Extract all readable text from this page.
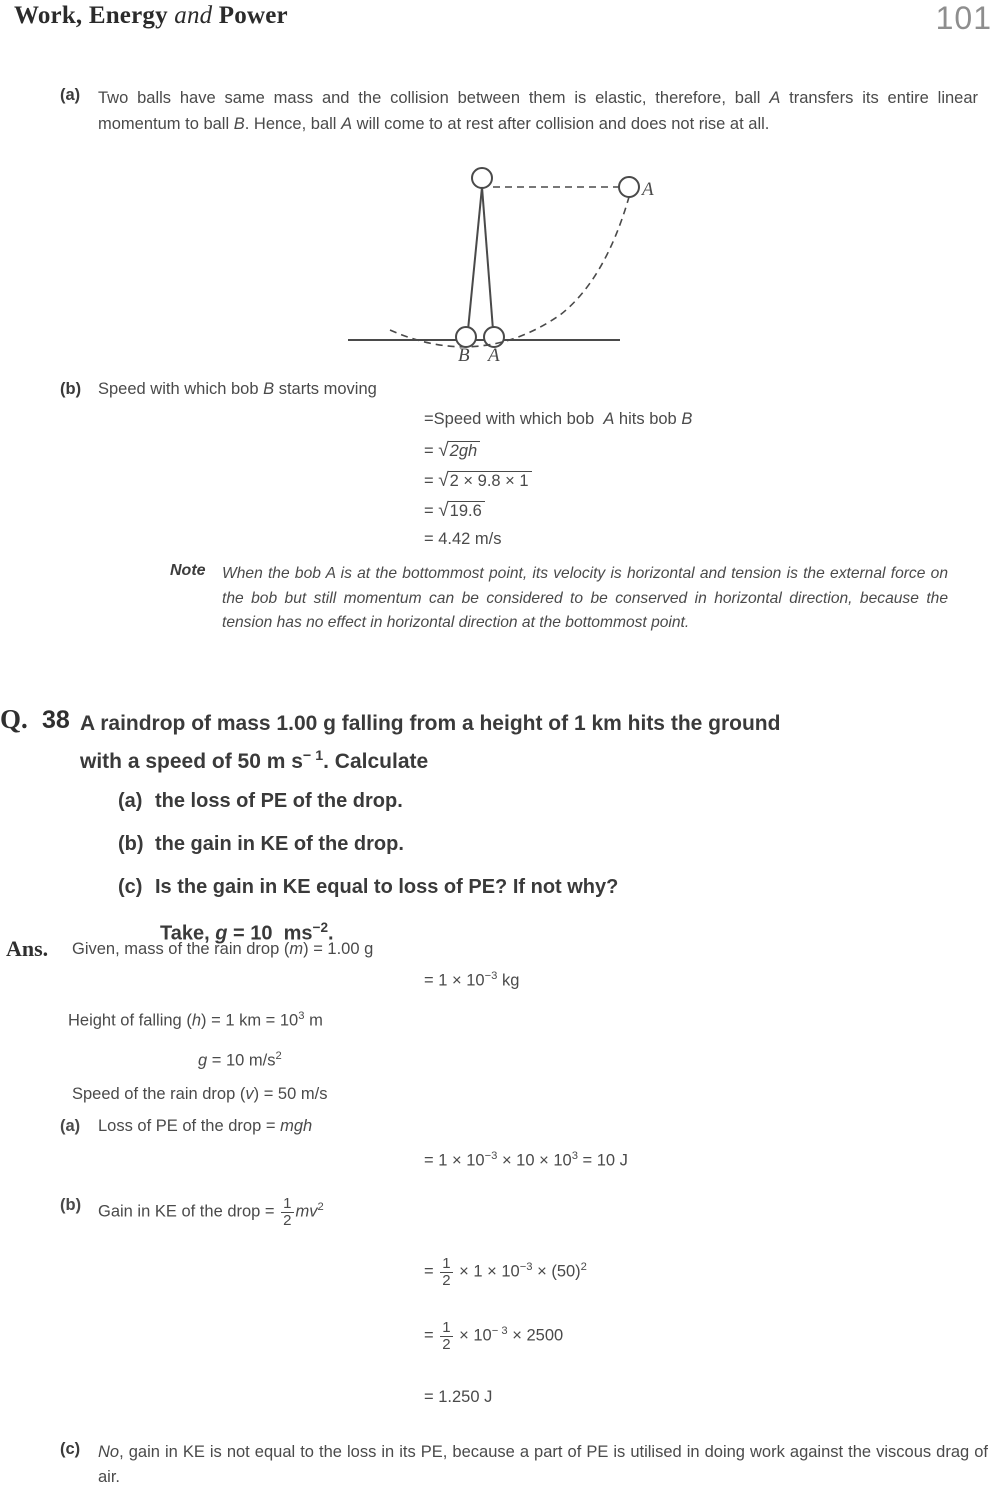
Work, Energy and Power	101
(a) Two balls have same mass and the collision between them is elastic, therefore, ball A transfers its entire linear momentum to ball B. Hence, ball A will come to at rest after collision and does not rise at all.
A
B A
(b) Speed with which bob B starts moving
=Speed with which bob  A hits bob B
= √2gh
= √2 × 9.8 × 1
= √19.6
= 4.42 m/s
Note When the bob A is at the bottommost point, its velocity is horizontal and tension is the external force on the bob but still momentum can be considered to be conserved in horizontal direction, because the tension has no effect in horizontal direction at the bottommost point.
Q. 38 A raindrop of mass 1.00 g falling from a height of 1 km hits the ground
with a speed of 50 m $s^{- 1}$. Calculate
(a) the loss of PE of the drop.
(b) the gain in KE of the drop.
(c) Is the gain in KE equal to loss of PE? If not why?
Take, g = 10  $ms^{-2}$.
Ans. Given, mass of the rain drop (m) = 1.00 g
= $1 \times 10^{-3}$ kg
Height of falling (h) = 1 km = $10^3$ m
g = 10 $m/s^2$
Speed of the rain drop (v) = 50 m/s
(a) Loss of PE of the drop = mgh
= $1 \times 10^{-3} \times 10 \times 10^3 = 10$ J
(b) Gain in KE of the drop = $\frac{1}{2} mv^2$
= $\frac{1}{2} \times 1 \times 10^{-3} \times (50)^2$
= $\frac{1}{2} \times 10^{- 3} \times 2500$
= 1.250 J
(c) No, gain in KE is not equal to the loss in its PE, because a part of PE is utilised in doing work against the viscous drag of air.
